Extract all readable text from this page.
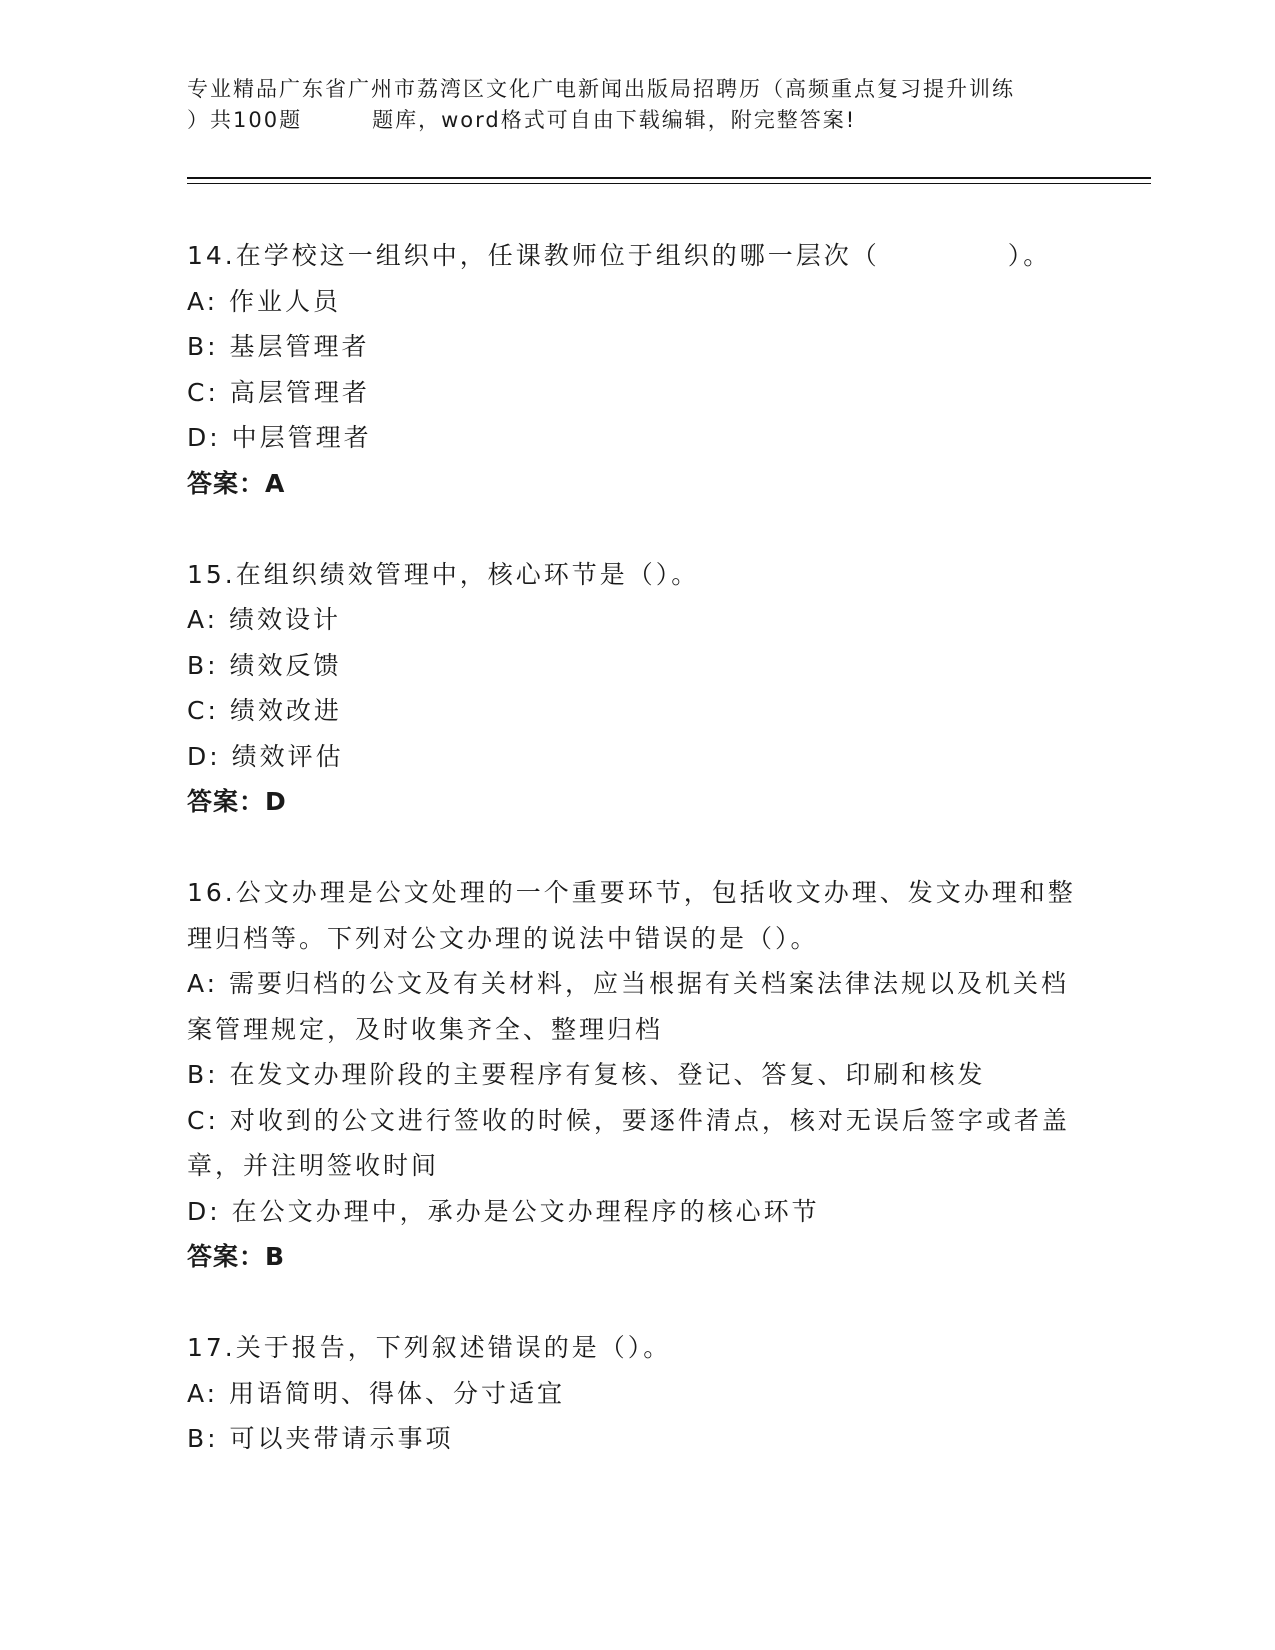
专业精品广东省广州市荔湾区文化广电新闻出版局招聘历（高频重点复习提升训练
）共100题	题库，word格式可自由下载编辑，附完整答案!
14.在学校这一组织中，任课教师位于组织的哪一层次（	）。
A: 作业人员
B: 基层管理者
C: 高层管理者
D: 中层管理者
答案：A
15.在组织绩效管理中，核心环节是（）。
A: 绩效设计
B: 绩效反馈
C: 绩效改进
D: 绩效评估
答案：D
16.公文办理是公文处理的一个重要环节，包括收文办理、发文办理和整理归档等。下列对公文办理的说法中错误的是（）。
A: 需要归档的公文及有关材料，应当根据有关档案法律法规以及机关档案管理规定，及时收集齐全、整理归档
B: 在发文办理阶段的主要程序有复核、登记、答复、印刷和核发
C: 对收到的公文进行签收的时候，要逐件清点，核对无误后签字或者盖章，并注明签收时间
D: 在公文办理中，承办是公文办理程序的核心环节
答案：B
17.关于报告，下列叙述错误的是（）。
A: 用语简明、得体、分寸适宜
B: 可以夹带请示事项
